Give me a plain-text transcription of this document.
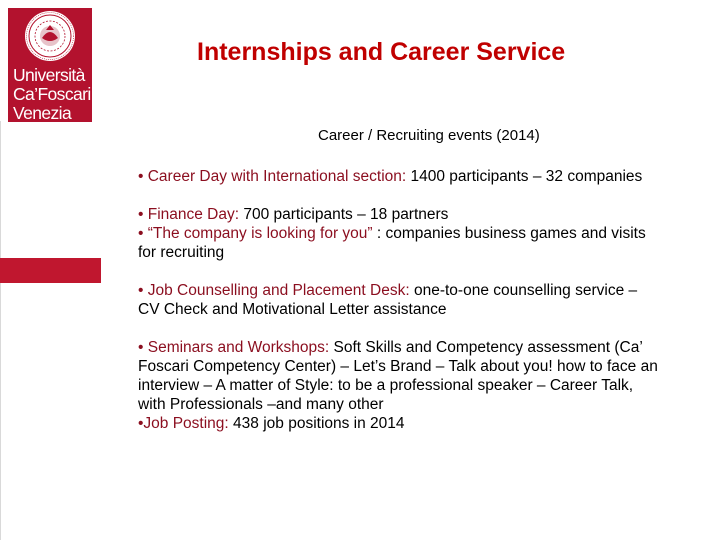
Università
Ca’Foscari
Venezia
Internships and Career Service
Career / Recruiting events (2014)

• Career Day with International section: 1400 participants – 32 companies

• Finance Day: 700 participants – 18 partners

• “The company is looking for you” : companies business games and visits for recruiting

• Job Counselling and Placement Desk: one-to-one counselling service – CV Check and Motivational Letter assistance

• Seminars and Workshops: Soft Skills and Competency assessment (Ca’ Foscari Competency Center) – Let’s Brand – Talk about you! how to face an interview – A matter of Style: to be a professional speaker – Career Talk, with Professionals –and many other

•Job Posting: 438 job positions in 2014
